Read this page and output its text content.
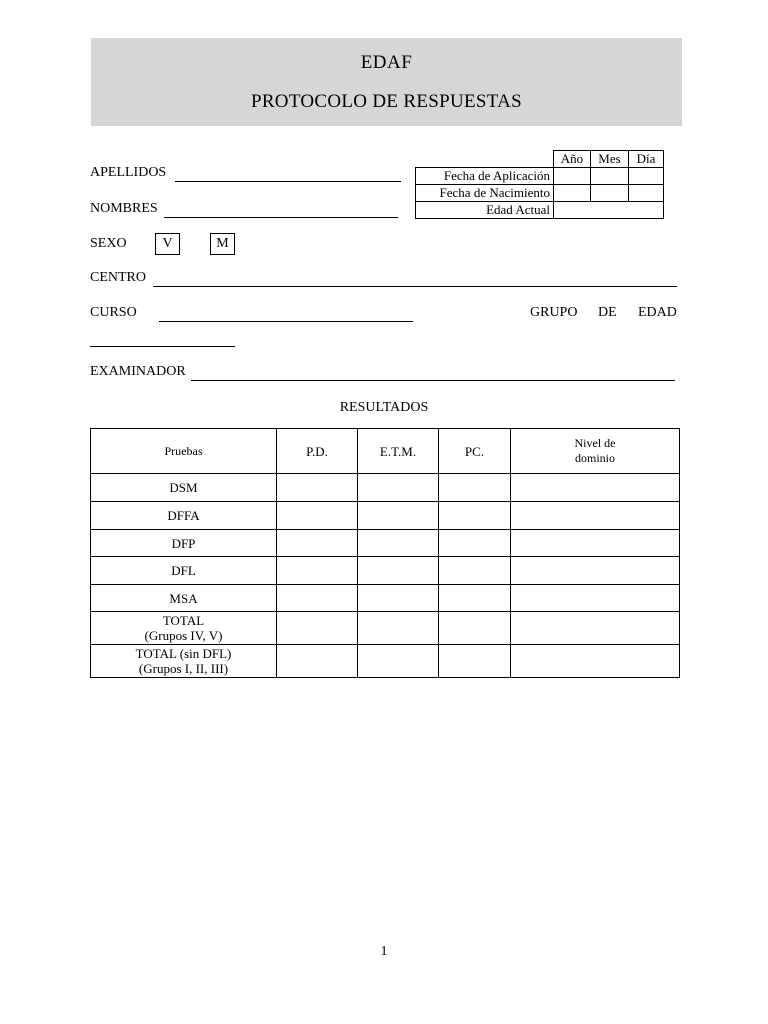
EDAF
PROTOCOLO DE RESPUESTAS
	Año	Mes	Día
Fecha de Aplicación			
Fecha de Nacimiento			
Edad Actual			
APELLIDOS
NOMBRES
SEXO	V	M
CENTRO
CURSO	GRUPO DE EDAD
EXAMINADOR
RESULTADOS
Pruebas	P.D.	E.T.M.	PC.	Nivel de
dominio

DSM				
DFFA				
DFP				
DFL				
MSA				

TOTAL
(Grupos IV, V)				

TOTAL (sin DFL)
(Grupos I, II, III)				

1
